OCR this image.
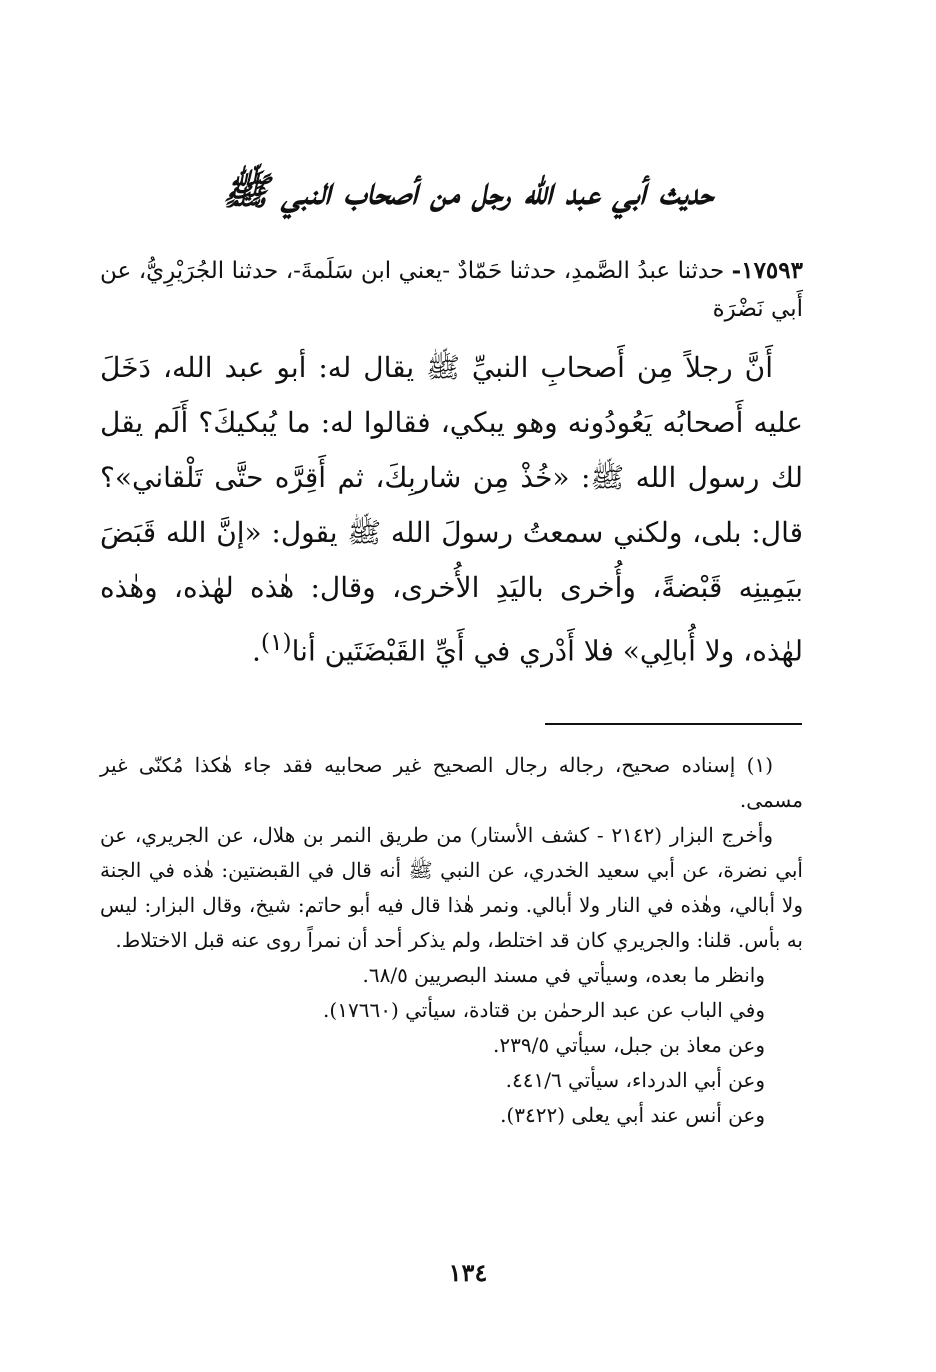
حديث أبي عبد الله رجل من أصحاب النبي ﷺ

١٧٥٩٣- حدثنا عبدُ الصَّمدِ، حدثنا حَمّادٌ -يعني ابن سَلَمةَ-، حدثنا الجُرَيْرِيُّ، عن أَبي نَضْرَة

أَنَّ رجلاً مِن أَصحابِ النبيِّ ﷺ يقال له: أبو عبد الله، دَخَلَ عليه أَصحابُه يَعُودُونه وهو يبكي، فقالوا له: ما يُبكيكَ؟ أَلَم يقل لك رسول الله ﷺ: «خُذْ مِن شاربِكَ، ثم أَقِرَّه حتَّى تَلْقاني»؟ قال: بلى، ولكني سمعتُ رسولَ الله ﷺ يقول: «إنَّ الله قَبَضَ بيَمِينِه قَبْضةً، وأُخرى باليَدِ الأُخرى، وقال: هٰذه لهٰذه، وهٰذه لهٰذه، ولا أُبالِي» فلا أَدْري في أَيِّ القَبْضَتَين أنا$^{(١)}$.

(١) إسناده صحيح، رجاله رجال الصحيح غير صحابيه فقد جاء هٰكذا مُكنّى غير مسمى.

وأخرج البزار (٢١٤٢ - كشف الأستار) من طريق النمر بن هلال، عن الجريري، عن أبي نضرة، عن أبي سعيد الخدري، عن النبي ﷺ أنه قال في القبضتين: هٰذه في الجنة ولا أبالي، وهٰذه في النار ولا أبالي. ونمر هٰذا قال فيه أبو حاتم: شيخ، وقال البزار: ليس به بأس. قلنا: والجريري كان قد اختلط، ولم يذكر أحد أن نمراً روى عنه قبل الاختلاط.

وانظر ما بعده، وسيأتي في مسند البصريين ٦٨/٥.

وفي الباب عن عبد الرحمٰن بن قتادة، سيأتي (١٧٦٦٠).

وعن معاذ بن جبل، سيأتي ٢٣٩/٥.

وعن أبي الدرداء، سيأتي ٤٤١/٦.

وعن أنس عند أبي يعلى (٣٤٢٢).

١٣٤
